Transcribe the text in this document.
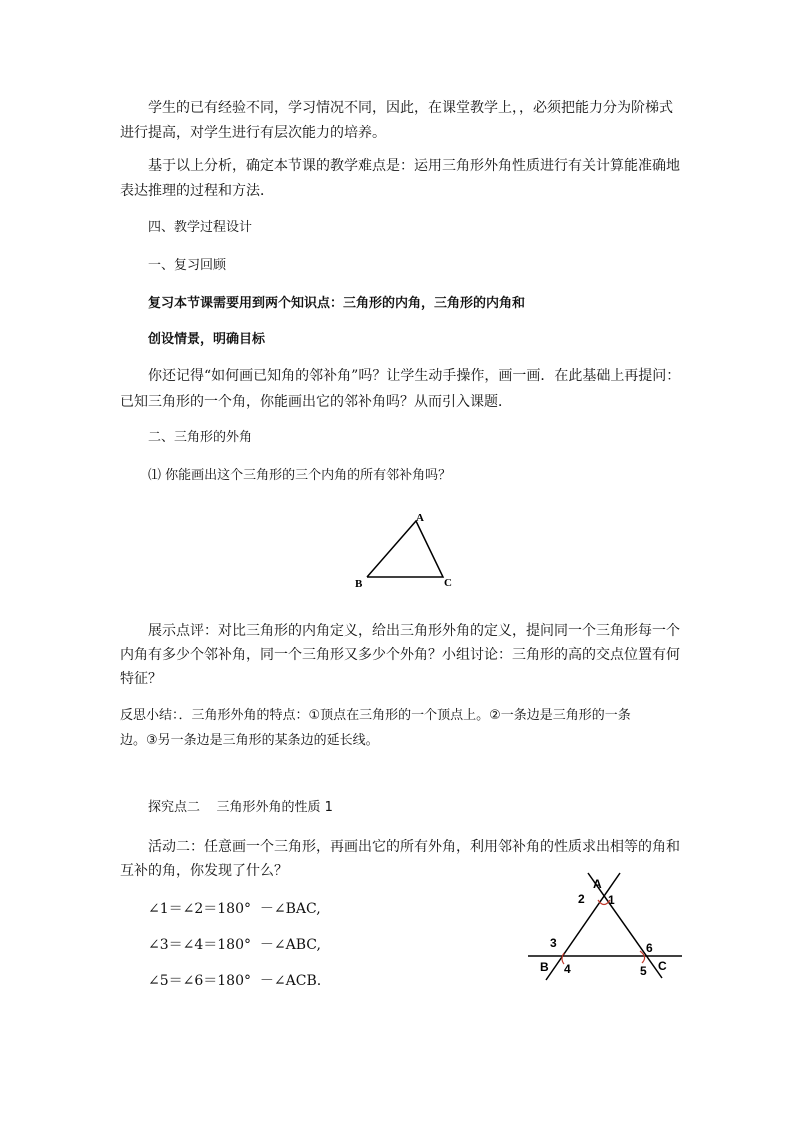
学生的已有经验不同，学习情况不同，因此，在课堂教学上，，必须把能力分为阶梯式
进行提高，对学生进行有层次能力的培养。
基于以上分析，确定本节课的教学难点是：运用三角形外角性质进行有关计算能准确地
表达推理的过程和方法．
四、教学过程设计
一、复习回顾
复习本节课需要用到两个知识点：三角形的内角，三角形的内角和
创设情景，明确目标
你还记得“如何画已知角的邻补角”吗？让学生动手操作，画一画．在此基础上再提问：
已知三角形的一个角，你能画出它的邻补角吗？从而引入课题．
二、三角形的外角
⑴ 你能画出这个三角形的三个内角的所有邻补角吗？
A
B	C
展示点评：对比三角形的内角定义，给出三角形外角的定义，提问同一个三角形每一个
内角有多少个邻补角，同一个三角形又多少个外角？小组讨论：三角形的高的交点位置有何
特征？
反思小结：．三角形外角的特点：①顶点在三角形的一个顶点上。②一条边是三角形的一条
边。③另一条边是三角形的某条边的延长线。
探究点二    三角形外角的性质 1
活动二：任意画一个三角形，再画出它的所有外角，利用邻补角的性质求出相等的角和
互补的角，你发现了什么？
∠1＝∠2＝180°  －∠BAC,
∠3＝∠4＝180°  －∠ABC,
∠5＝∠6＝180°  －∠ACB.
A
B	C
1
2
3
4	5
6
